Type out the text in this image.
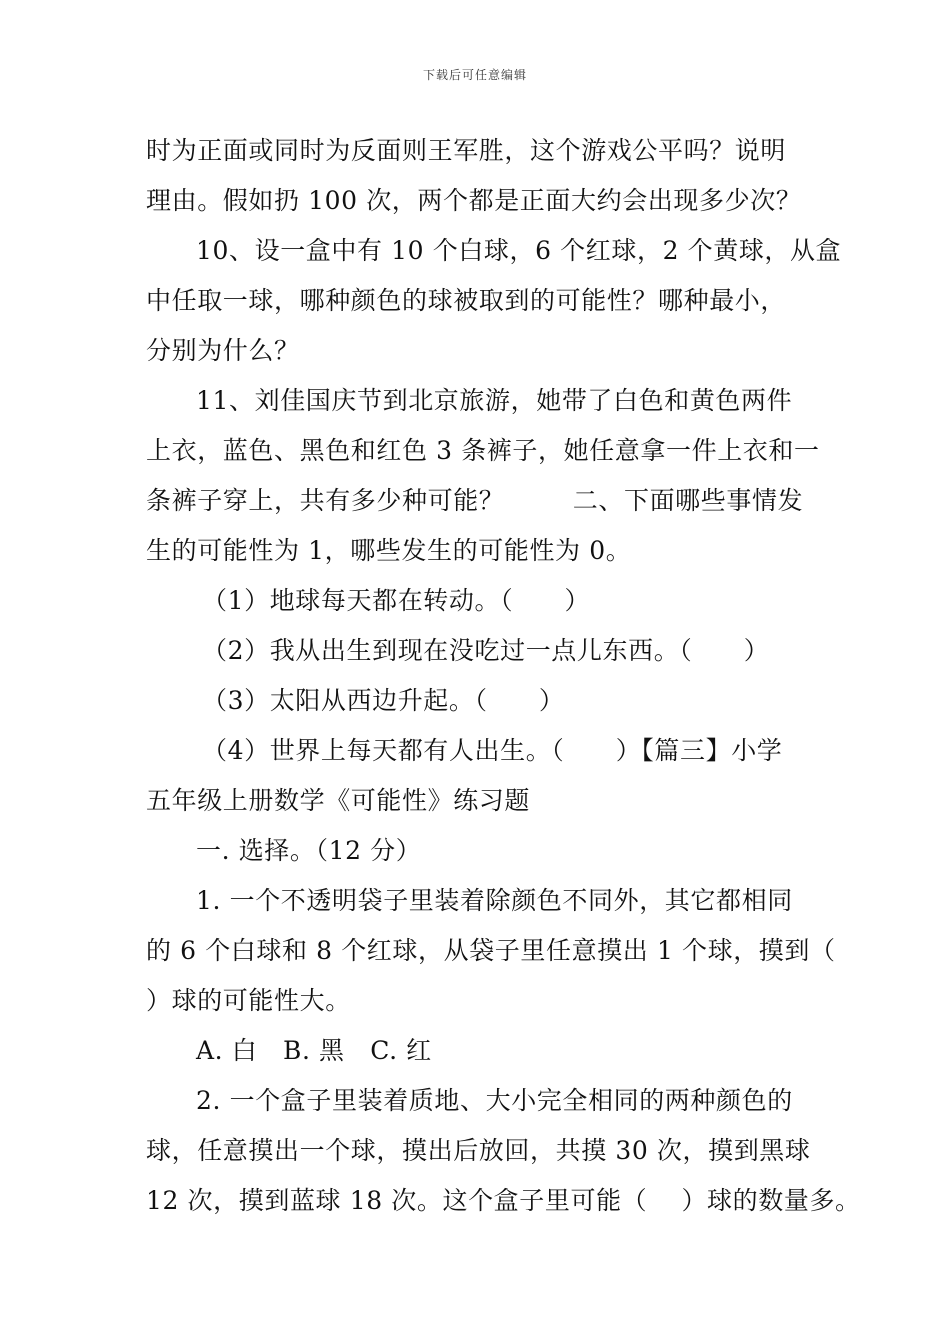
下载后可任意编辑
时为正面或同时为反面则王军胜，这个游戏公平吗？说明
理由。假如扔 100 次，两个都是正面大约会出现多少次？
10、设一盒中有 10 个白球，6 个红球，2 个黄球，从盒
中任取一球，哪种颜色的球被取到的可能性？哪种最小，
分别为什么？
11、刘佳国庆节到北京旅游，她带了白色和黄色两件
上衣，蓝色、黑色和红色 3 条裤子，她任意拿一件上衣和一
条裤子穿上，共有多少种可能？        二、下面哪些事情发
生的可能性为 1，哪些发生的可能性为 0。
（1）地球每天都在转动。（      ）
（2）我从出生到现在没吃过一点儿东西。（      ）
（3）太阳从西边升起。（      ）
（4）世界上每天都有人出生。（      ）【篇三】小学
五年级上册数学《可能性》练习题
一. 选择。（12 分）
1. 一个不透明袋子里装着除颜色不同外，其它都相同
的 6 个白球和 8 个红球，从袋子里任意摸出 1 个球，摸到（
）球的可能性大。
A. 白   B. 黑   C. 红
2. 一个盒子里装着质地、大小完全相同的两种颜色的
球，任意摸出一个球，摸出后放回，共摸 30 次，摸到黑球
12 次，摸到蓝球 18 次。这个盒子里可能（    ）球的数量多。
